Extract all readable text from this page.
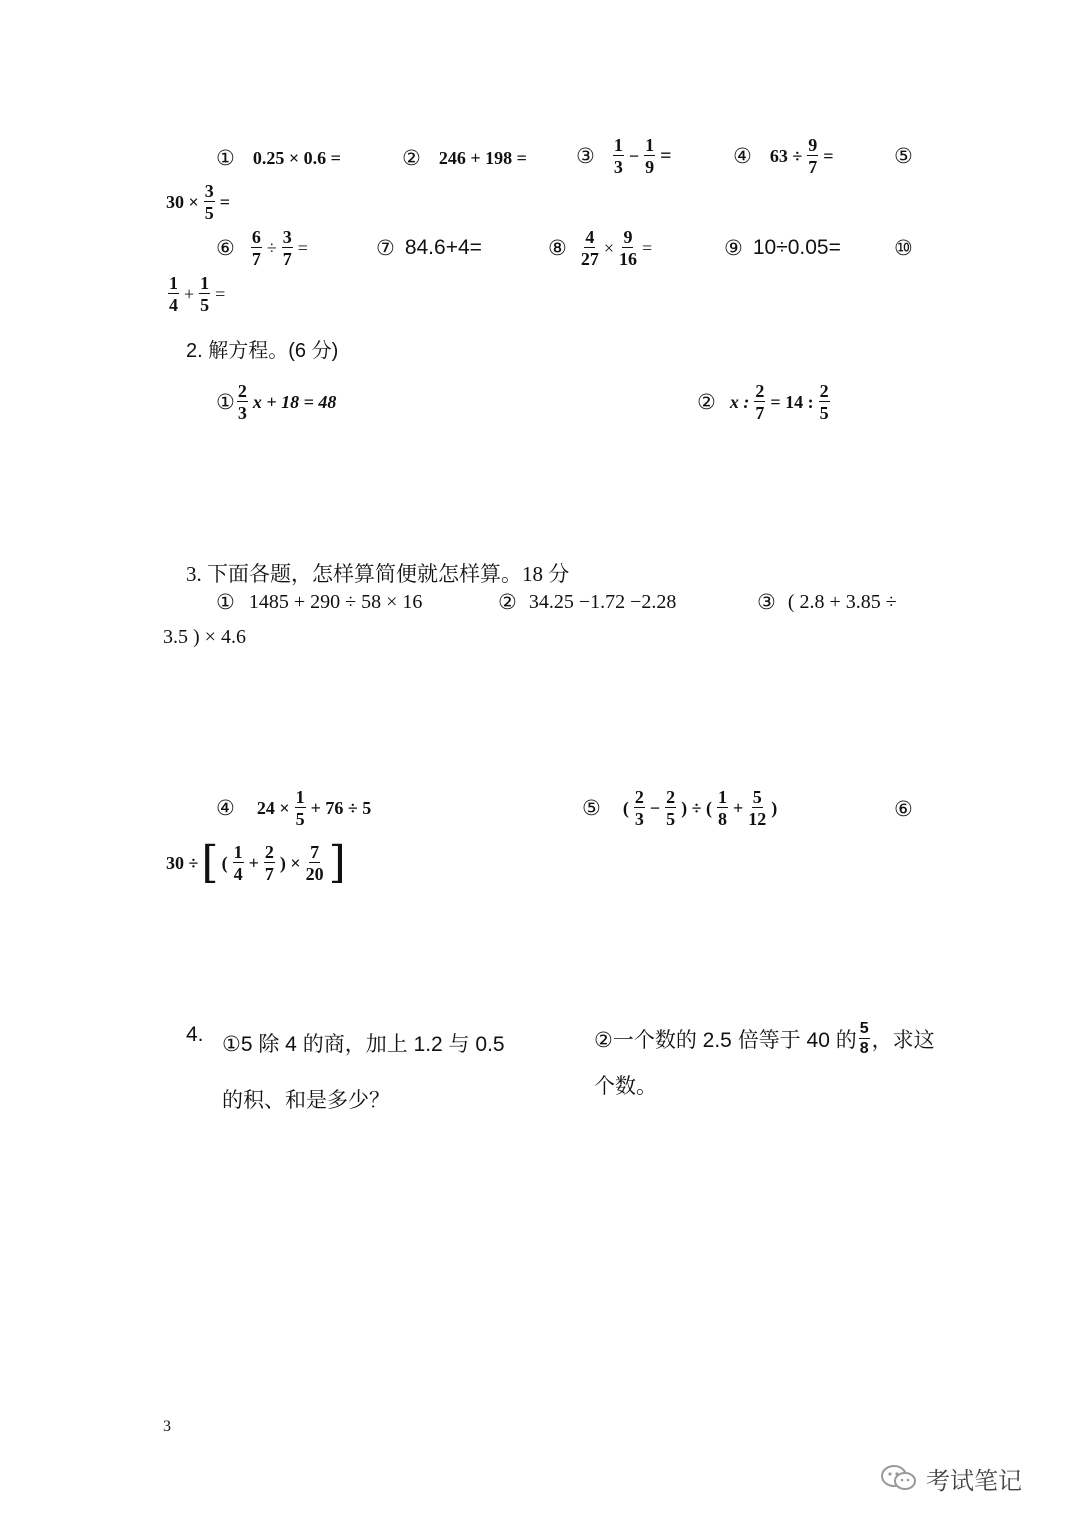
① 0.25 × 0.6 =	② 246 + 198 = ③ $\frac{1}{3} - \frac{1}{9}$ =	④ $63 \div \frac{9}{7}$ =	⑤
$30 \times \frac{3}{5}$ =
⑥ $\frac{6}{7} \div \frac{3}{7}$ =	⑦ 84.6+4=	⑧ $\frac{4}{27} \times \frac{9}{16}$ =	⑨ 10÷0.05=	⑩
$\frac{1}{4} + \frac{1}{5}$ =
2. 解方程。(6 分)
① $\frac{2}{3}$ x + 18 = 48	② x : $\frac{2}{7} = 14$ : $\frac{2}{5}$
3. 下面各题，怎样算简便就怎样算。18 分
① 1485 + 290 ÷ 58 × 16	② 34.25 −1.72 −2.28	③ ( 2.8 + 3.85 ÷
3.5 ) × 4.6
④ $24 \times \frac{1}{5} + 76 \div 5$	⑤ ( $\frac{2}{3} - \frac{2}{5}$ ) ÷ ( $\frac{1}{8} + \frac{5}{12}$ )	⑥
30 ÷ [ ( $\frac{1}{4} + \frac{2}{7}$ ) × $\frac{7}{20}$ ]
4. ①5 除 4 的商，加上 1.2 与 0.5
的积、和是多少？
②一个数的 2.5 倍等于 40 的 $\frac{5}{8}$ ，求这
个数。
3
考试笔记
